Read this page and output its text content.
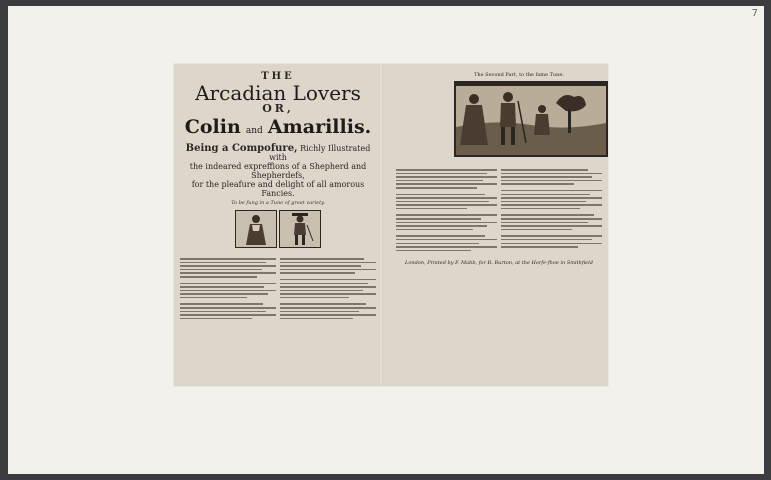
7
THE
Arcadian Lovers
OR,
Colin and Amarillis.
Being a Compofure, Richly Illustrated with
the indeared expreffions of a Shepherd and Shepherdefs,
for the pleafure and delight of all amorous Fancies.
To be fung in a Tune of great variety.
The Second Part, to the fame Tune.
London, Printed by F. Mabb, for R. Burton, at the Horfe-fhoe in Smithfield
